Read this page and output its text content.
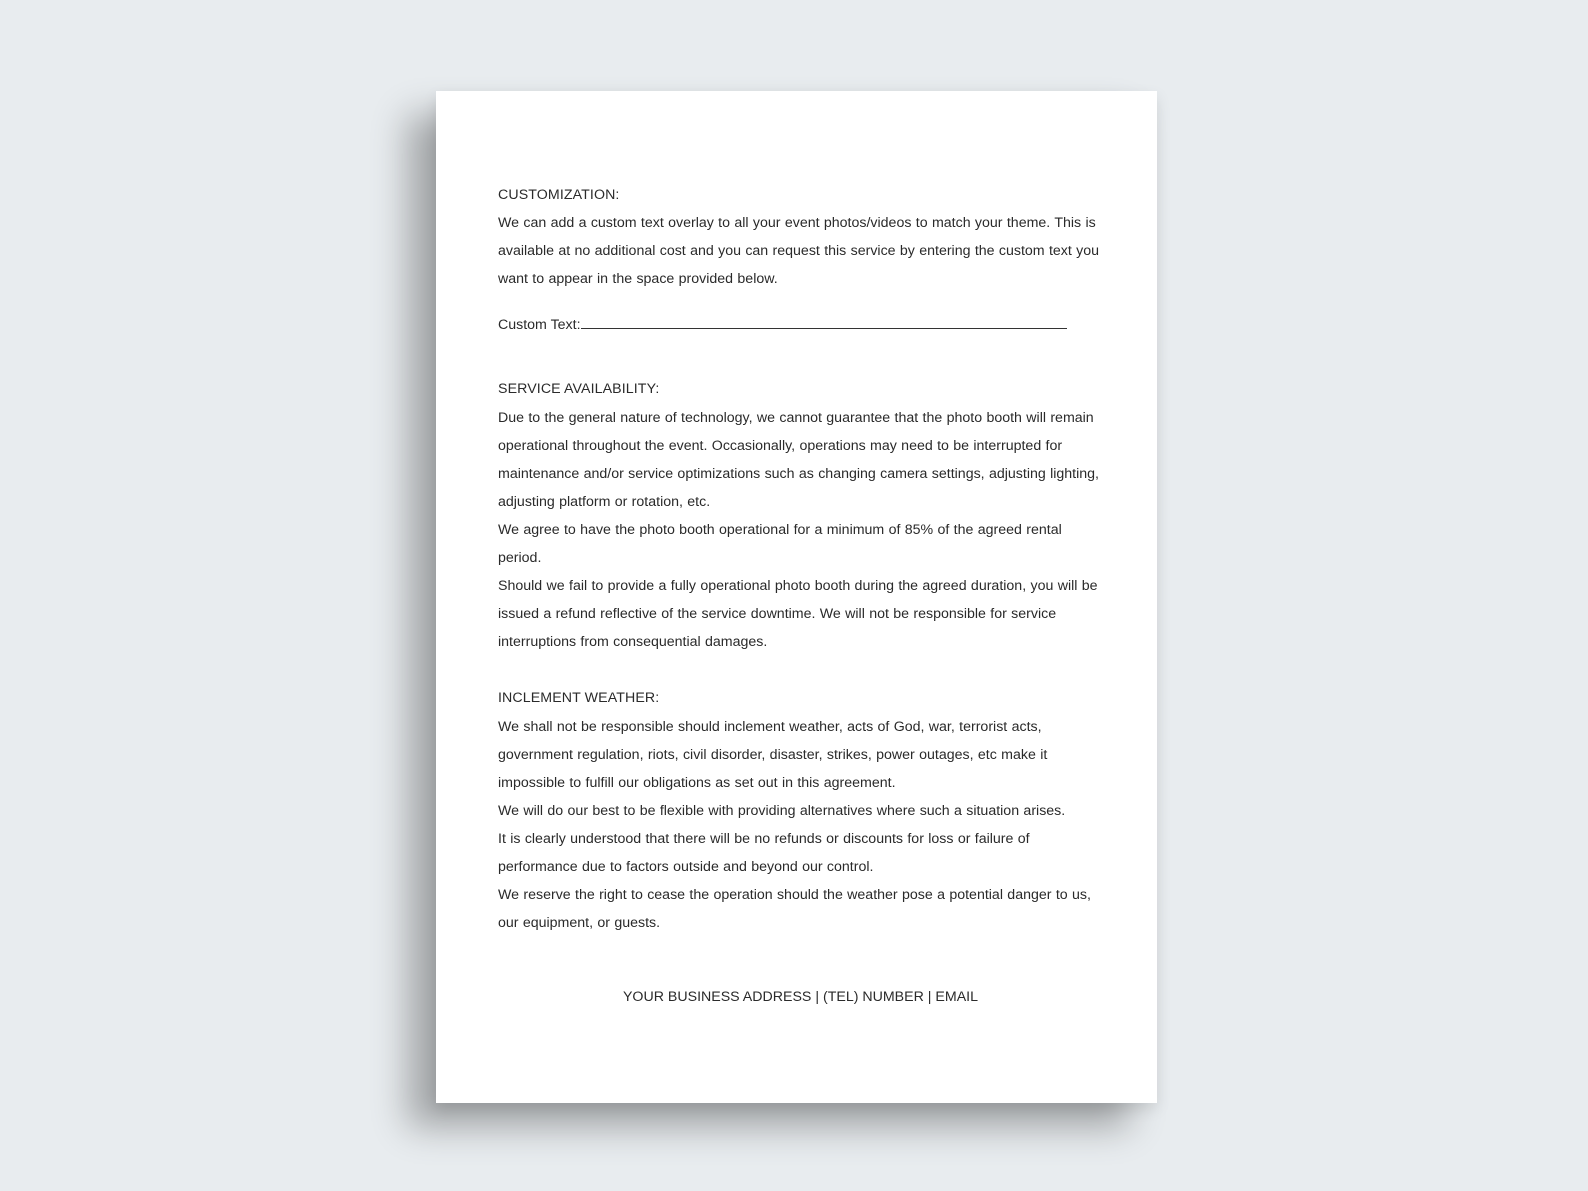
CUSTOMIZATION:

We can add a custom text overlay to all your event photos/videos to match your theme. This is available at no additional cost and you can request this service by entering the custom text you want to appear in the space provided below.

Custom Text:
SERVICE AVAILABILITY:

Due to the general nature of technology, we cannot guarantee that the photo booth will remain operational throughout the event. Occasionally, operations may need to be interrupted for maintenance and/or service optimizations such as changing camera settings, adjusting lighting, adjusting platform or rotation, etc.

We agree to have the photo booth operational for a minimum of 85% of the agreed rental period.

Should we fail to provide a fully operational photo booth during the agreed duration, you will be issued a refund reflective of the service downtime. We will not be responsible for service interruptions from consequential damages.

INCLEMENT WEATHER:

We shall not be responsible should inclement weather, acts of God, war, terrorist acts, government regulation, riots, civil disorder, disaster, strikes, power outages, etc make it impossible to fulfill our obligations as set out in this agreement.

We will do our best to be flexible with providing alternatives where such a situation arises.

It is clearly understood that there will be no refunds or discounts for loss or failure of performance due to factors outside and beyond our control.

We reserve the right to cease the operation should the weather pose a potential danger to us, our equipment, or guests.

YOUR BUSINESS ADDRESS | (TEL) NUMBER | EMAIL
